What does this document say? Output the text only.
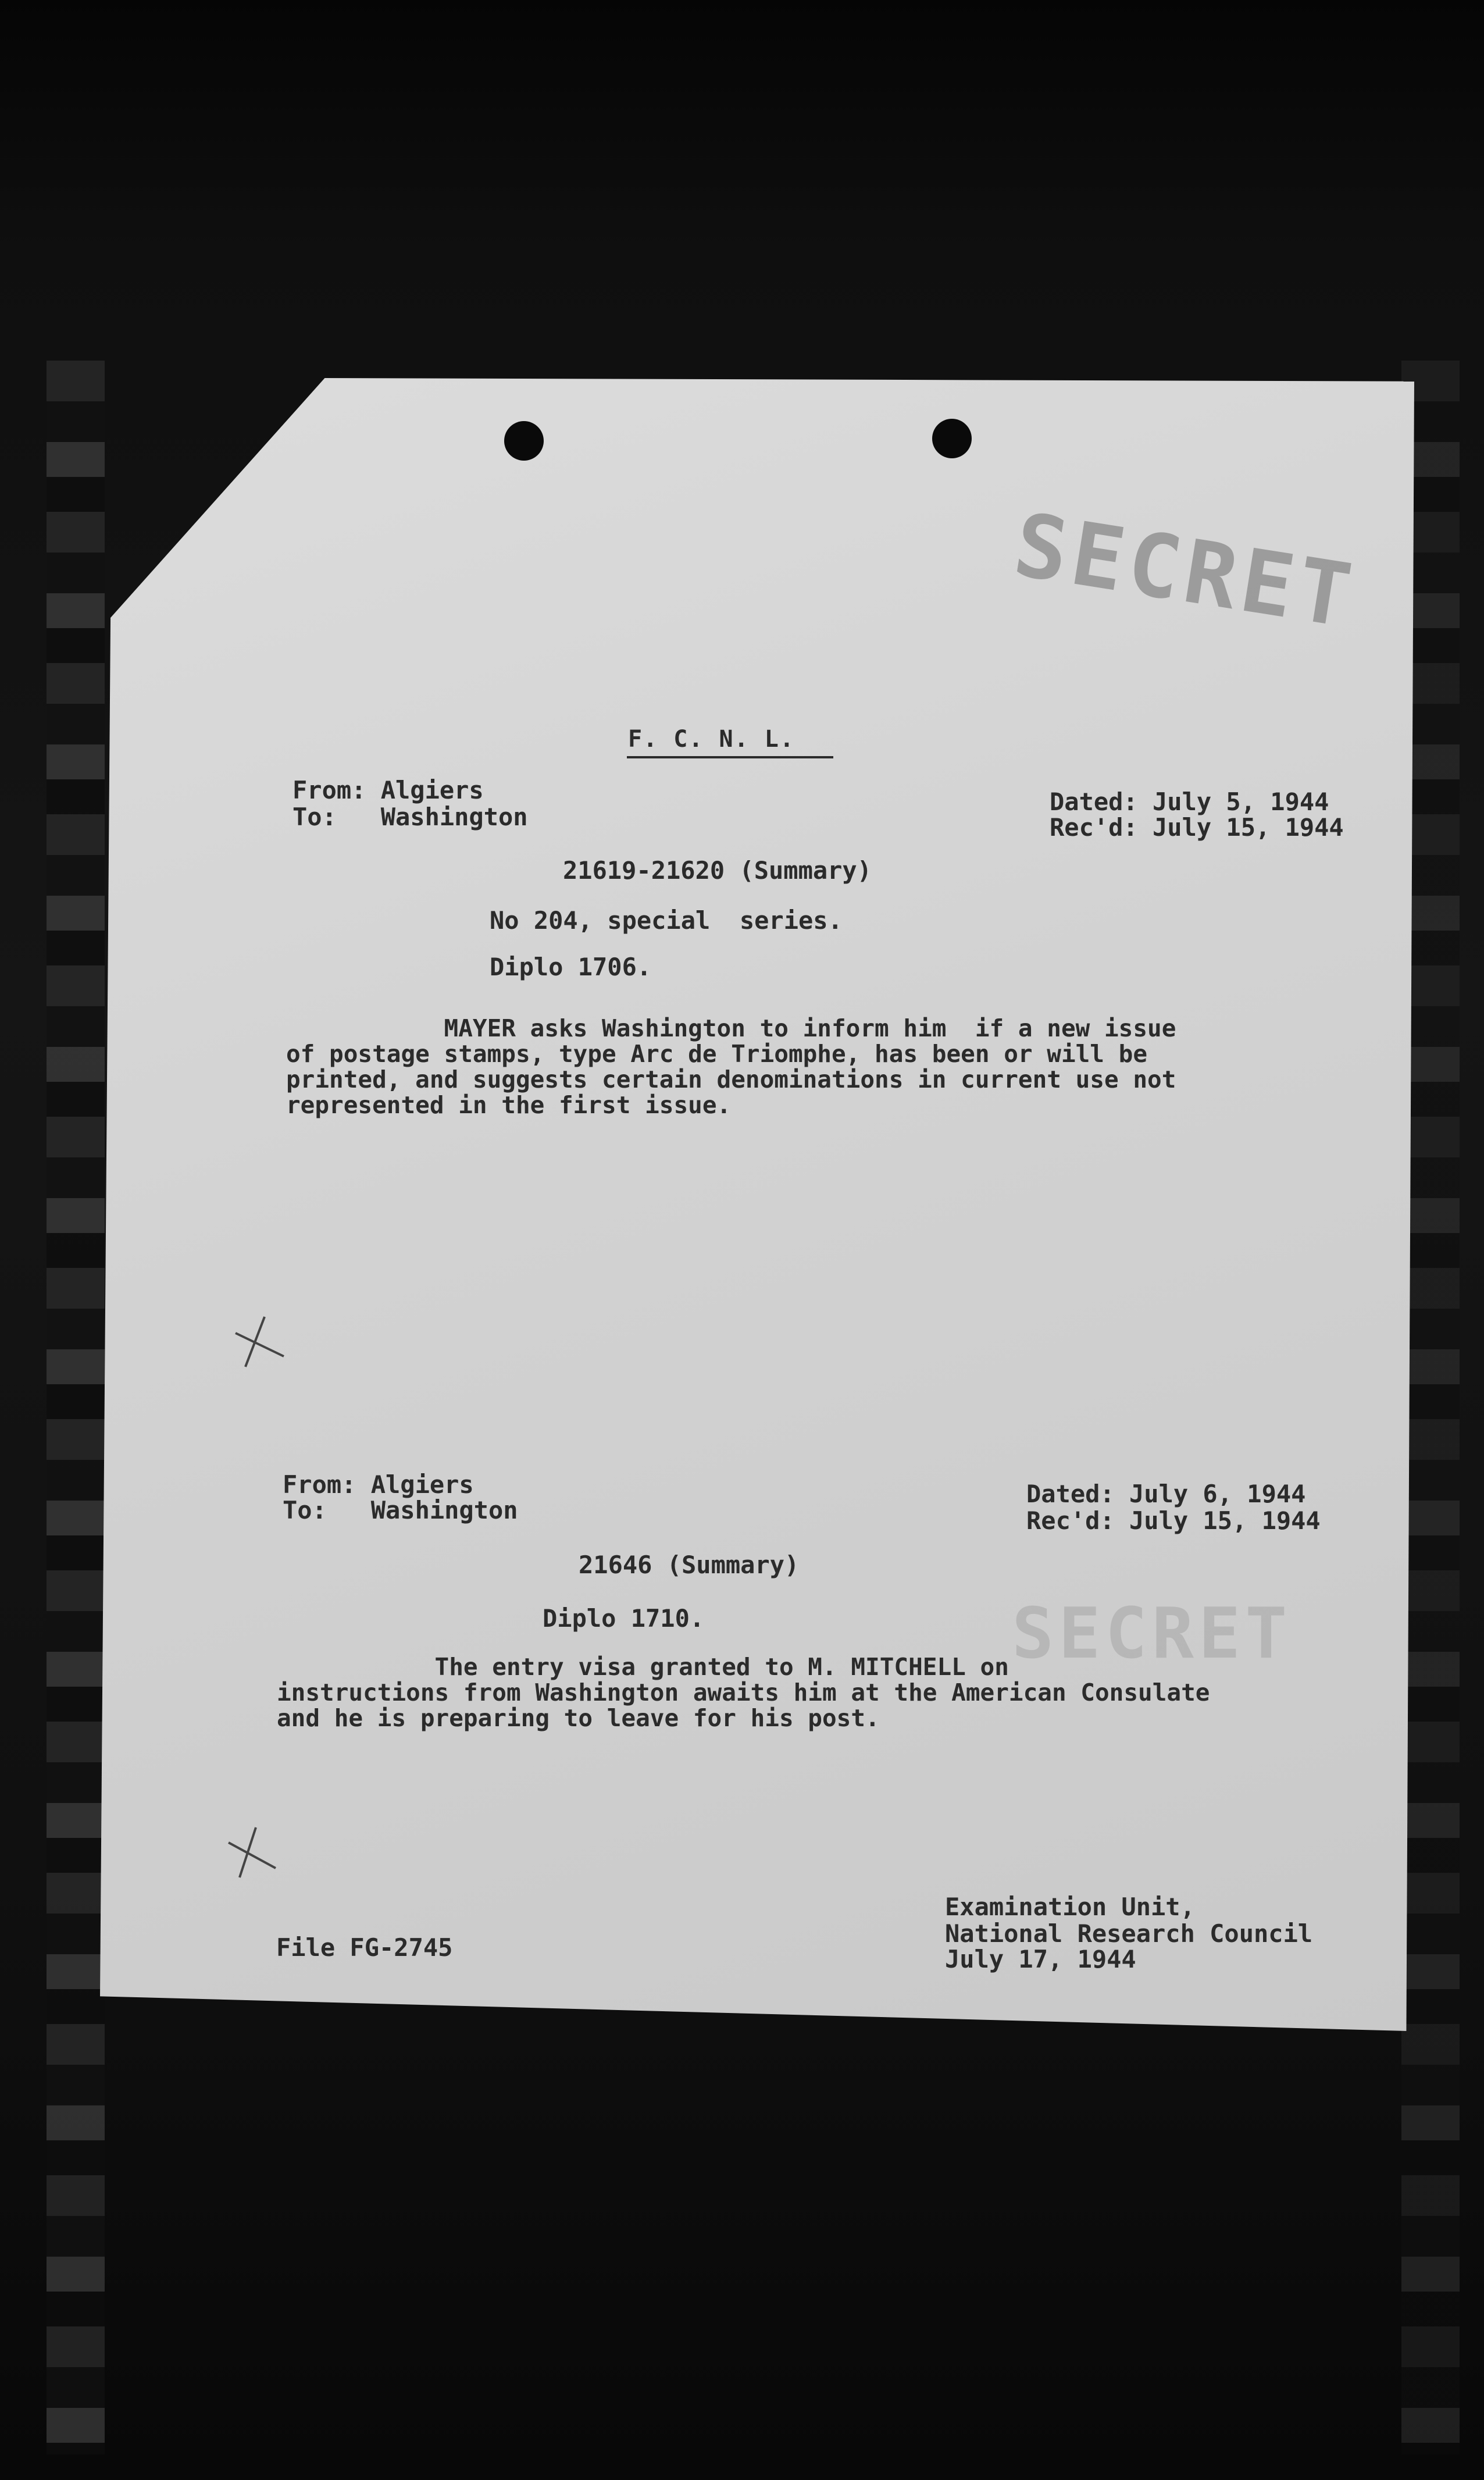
SECRET
SECRET
F. C. N. L.
From: Algiers
To:   Washington
Dated: July 5, 1944
Rec'd: July 15, 1944
21619-21620 (Summary)
No 204, special  series.
Diplo 1706.
MAYER asks Washington to inform him  if a new issue
of postage stamps, type Arc de Triomphe, has been or will be
printed, and suggests certain denominations in current use not
represented in the first issue.
From: Algiers
To:   Washington
Dated: July 6, 1944
Rec'd: July 15, 1944
21646 (Summary)
Diplo 1710.
The entry visa granted to M. MITCHELL on
instructions from Washington awaits him at the American Consulate
and he is preparing to leave for his post.
File FG-2745
Examination Unit,
National Research Council
July 17, 1944
